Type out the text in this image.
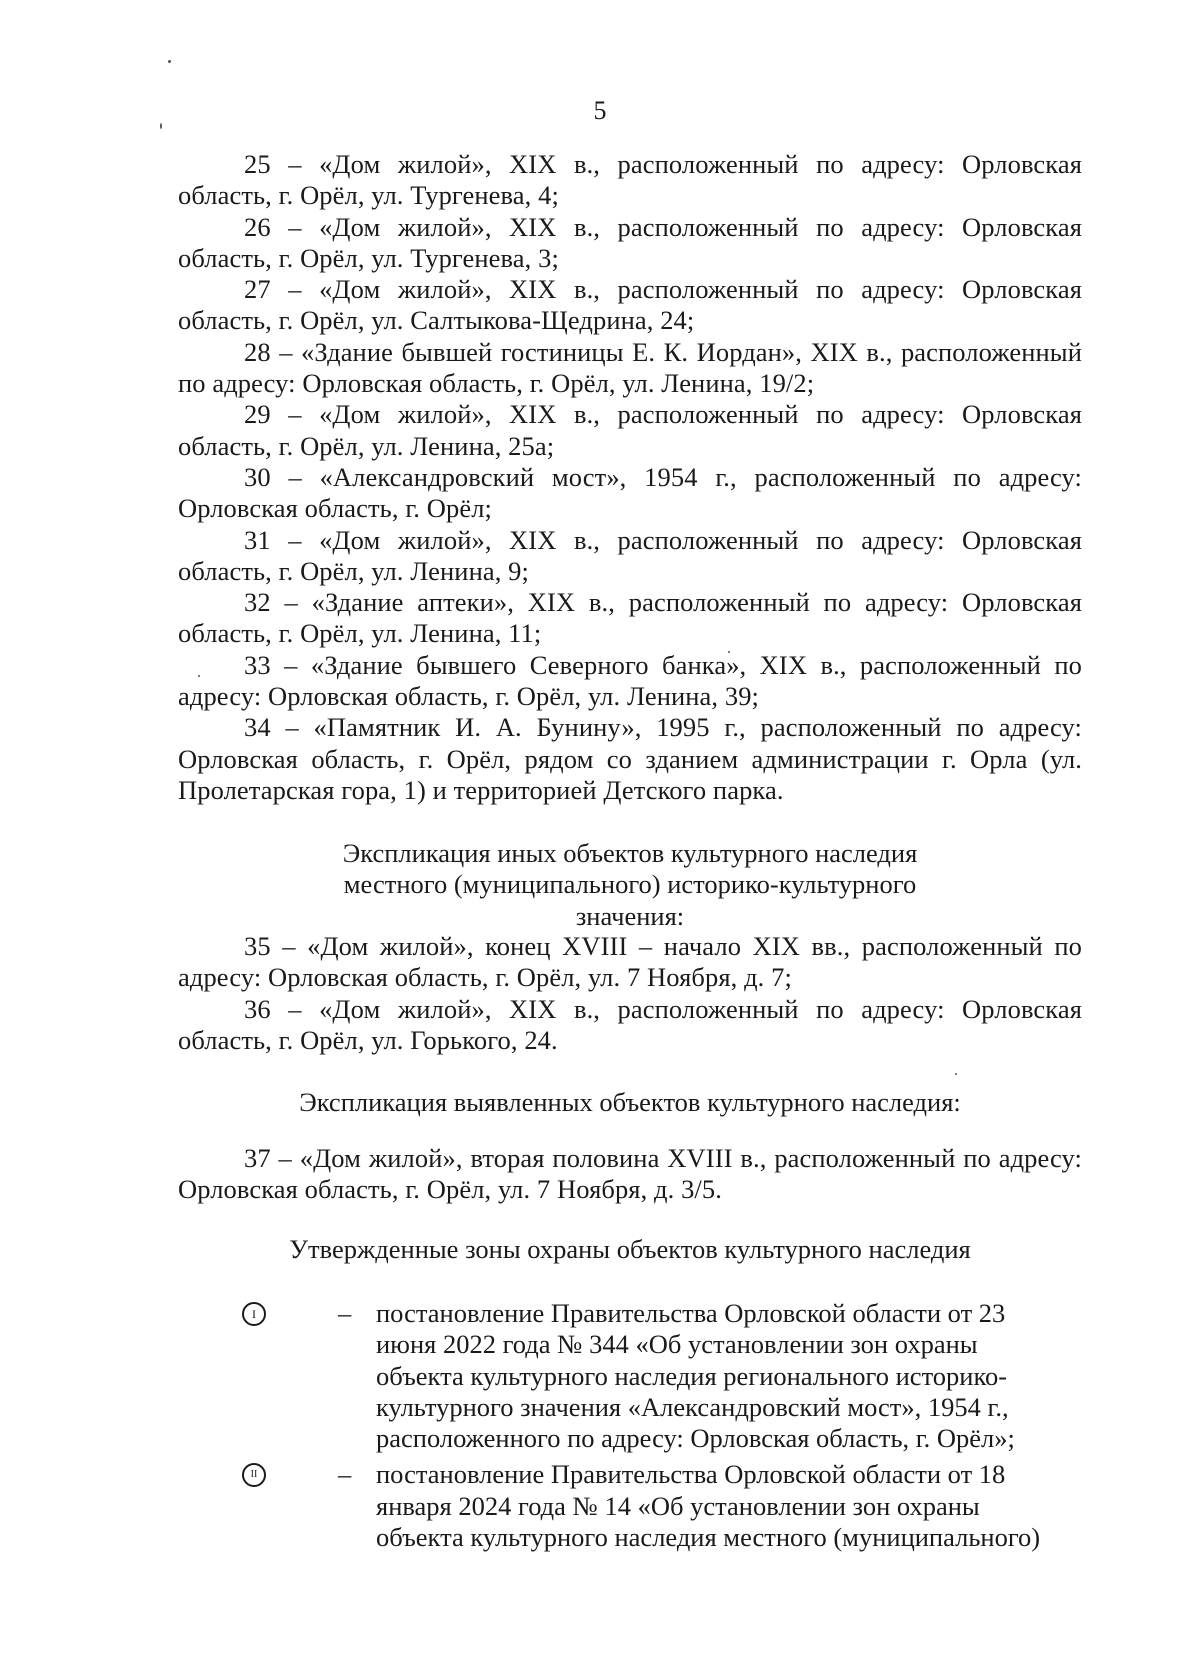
5

25 – «Дом жилой», XIX в., расположенный по адресу: Орловская область, г. Орёл, ул. Тургенева, 4;

26 – «Дом жилой», XIX в., расположенный по адресу: Орловская область, г. Орёл, ул. Тургенева, 3;

27 – «Дом жилой», XIX в., расположенный по адресу: Орловская область, г. Орёл, ул. Салтыкова-Щедрина, 24;

28 – «Здание бывшей гостиницы Е. К. Иордан», XIX в., расположенный по адресу: Орловская область, г. Орёл, ул. Ленина, 19/2;

29 – «Дом жилой», XIX в., расположенный по адресу: Орловская область, г. Орёл, ул. Ленина, 25а;

30 – «Александровский мост», 1954 г., расположенный по адресу: Орловская область, г. Орёл;

31 – «Дом жилой», XIX в., расположенный по адресу: Орловская область, г. Орёл, ул. Ленина, 9;

32 – «Здание аптеки», XIX в., расположенный по адресу: Орловская область, г. Орёл, ул. Ленина, 11;

33 – «Здание бывшего Северного банка», XIX в., расположенный по адресу: Орловская область, г. Орёл, ул. Ленина, 39;

34 – «Памятник И. А. Бунину», 1995 г., расположенный по адресу: Орловская область, г. Орёл, рядом со зданием администрации г. Орла (ул. Пролетарская гора, 1) и территорией Детского парка.

Экспликация иных объектов культурного наследия местного (муниципального) историко-культурного значения:

35 – «Дом жилой», конец XVIII – начало XIX вв., расположенный по адресу: Орловская область, г. Орёл, ул. 7 Ноября, д. 7;

36 – «Дом жилой», XIX в., расположенный по адресу: Орловская область, г. Орёл, ул. Горького, 24.

Экспликация выявленных объектов культурного наследия:

37 – «Дом жилой», вторая половина XVIII в., расположенный по адресу: Орловская область, г. Орёл, ул. 7 Ноября, д. 3/5.

Утвержденные зоны охраны объектов культурного наследия

I	– постановление Правительства Орловской области от 23 июня 2022 года № 344 «Об установлении зон охраны объекта культурного наследия регионального историко-культурного значения «Александровский мост», 1954 г., расположенного по адресу: Орловская область, г. Орёл»;
II	– постановление Правительства Орловской области от 18 января 2024 года № 14 «Об установлении зон охраны объекта культурного наследия местного (муниципального)
